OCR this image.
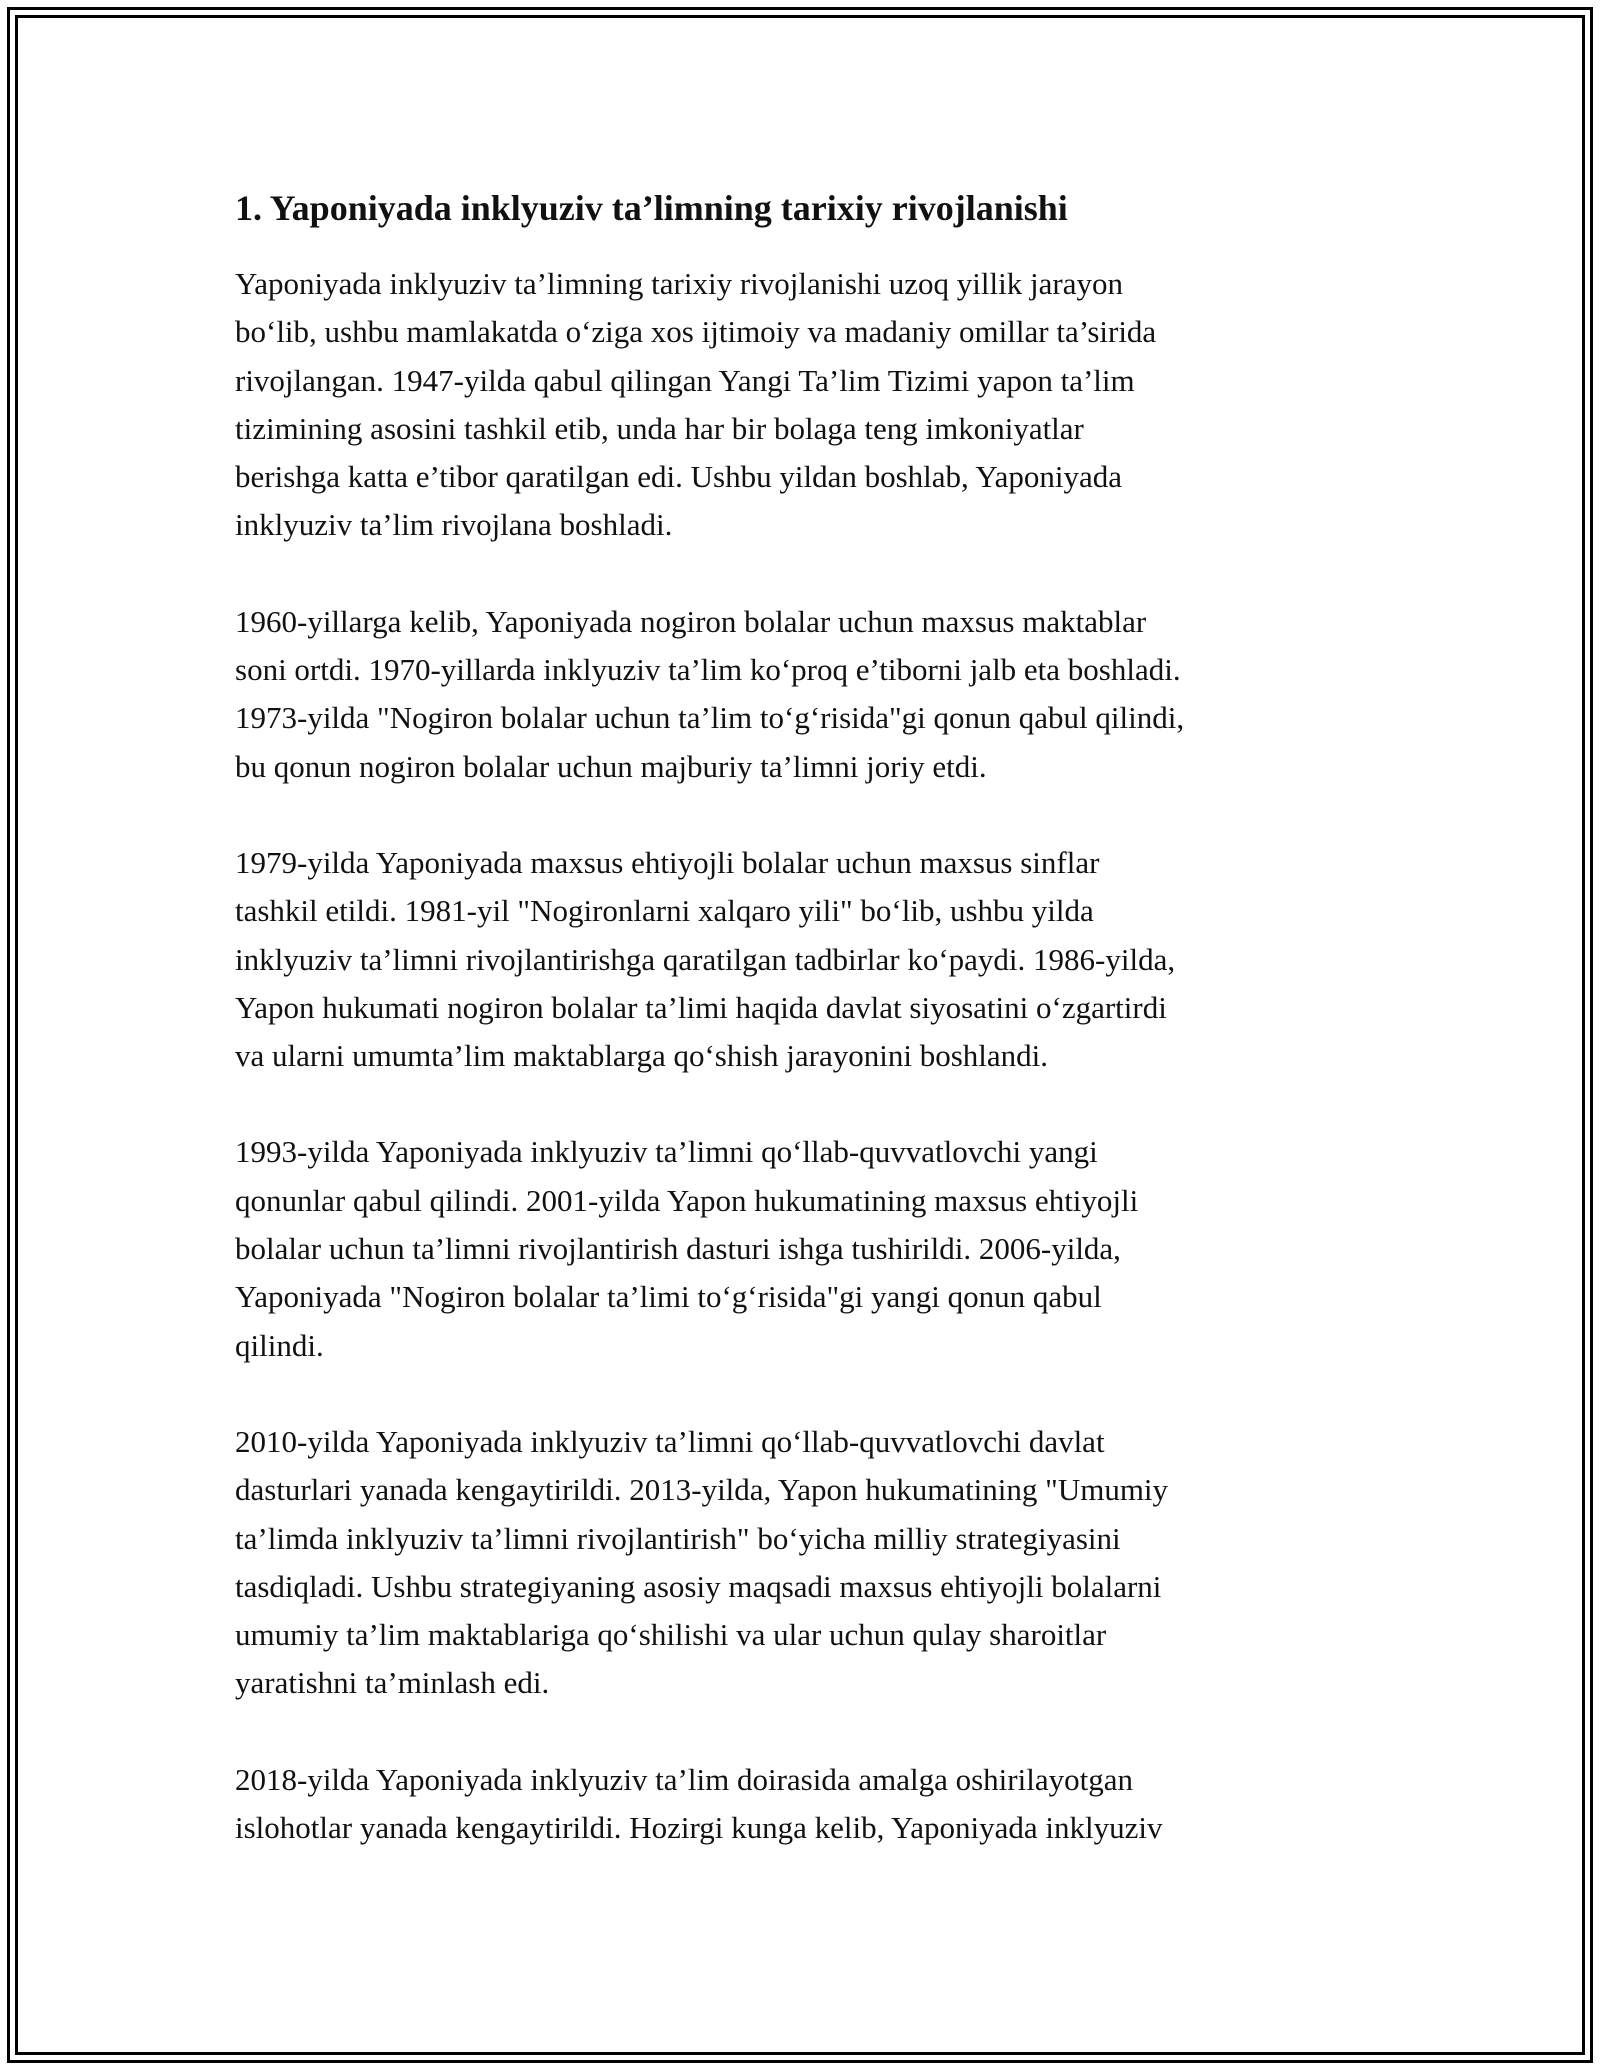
1. Yaponiyada inklyuziv ta’limning tarixiy rivojlanishi

Yaponiyada inklyuziv ta’limning tarixiy rivojlanishi uzoq yillik jarayon
bo‘lib, ushbu mamlakatda o‘ziga xos ijtimoiy va madaniy omillar ta’sirida
rivojlangan. 1947-yilda qabul qilingan Yangi Ta’lim Tizimi yapon ta’lim
tizimining asosini tashkil etib, unda har bir bolaga teng imkoniyatlar
berishga katta e’tibor qaratilgan edi. Ushbu yildan boshlab, Yaponiyada
inklyuziv ta’lim rivojlana boshladi.

1960-yillarga kelib, Yaponiyada nogiron bolalar uchun maxsus maktablar
soni ortdi. 1970-yillarda inklyuziv ta’lim ko‘proq e’tiborni jalb eta boshladi.
1973-yilda "Nogiron bolalar uchun ta’lim to‘g‘risida"gi qonun qabul qilindi,
bu qonun nogiron bolalar uchun majburiy ta’limni joriy etdi.

1979-yilda Yaponiyada maxsus ehtiyojli bolalar uchun maxsus sinflar
tashkil etildi. 1981-yil "Nogironlarni xalqaro yili" bo‘lib, ushbu yilda
inklyuziv ta’limni rivojlantirishga qaratilgan tadbirlar ko‘paydi. 1986-yilda,
Yapon hukumati nogiron bolalar ta’limi haqida davlat siyosatini o‘zgartirdi
va ularni umumta’lim maktablarga qo‘shish jarayonini boshlandi.

1993-yilda Yaponiyada inklyuziv ta’limni qo‘llab-quvvatlovchi yangi
qonunlar qabul qilindi. 2001-yilda Yapon hukumatining maxsus ehtiyojli
bolalar uchun ta’limni rivojlantirish dasturi ishga tushirildi. 2006-yilda,
Yaponiyada "Nogiron bolalar ta’limi to‘g‘risida"gi yangi qonun qabul
qilindi.

2010-yilda Yaponiyada inklyuziv ta’limni qo‘llab-quvvatlovchi davlat
dasturlari yanada kengaytirildi. 2013-yilda, Yapon hukumatining "Umumiy
ta’limda inklyuziv ta’limni rivojlantirish" bo‘yicha milliy strategiyasini
tasdiqladi. Ushbu strategiyaning asosiy maqsadi maxsus ehtiyojli bolalarni
umumiy ta’lim maktablariga qo‘shilishi va ular uchun qulay sharoitlar
yaratishni ta’minlash edi.

2018-yilda Yaponiyada inklyuziv ta’lim doirasida amalga oshirilayotgan
islohotlar yanada kengaytirildi. Hozirgi kunga kelib, Yaponiyada inklyuziv
